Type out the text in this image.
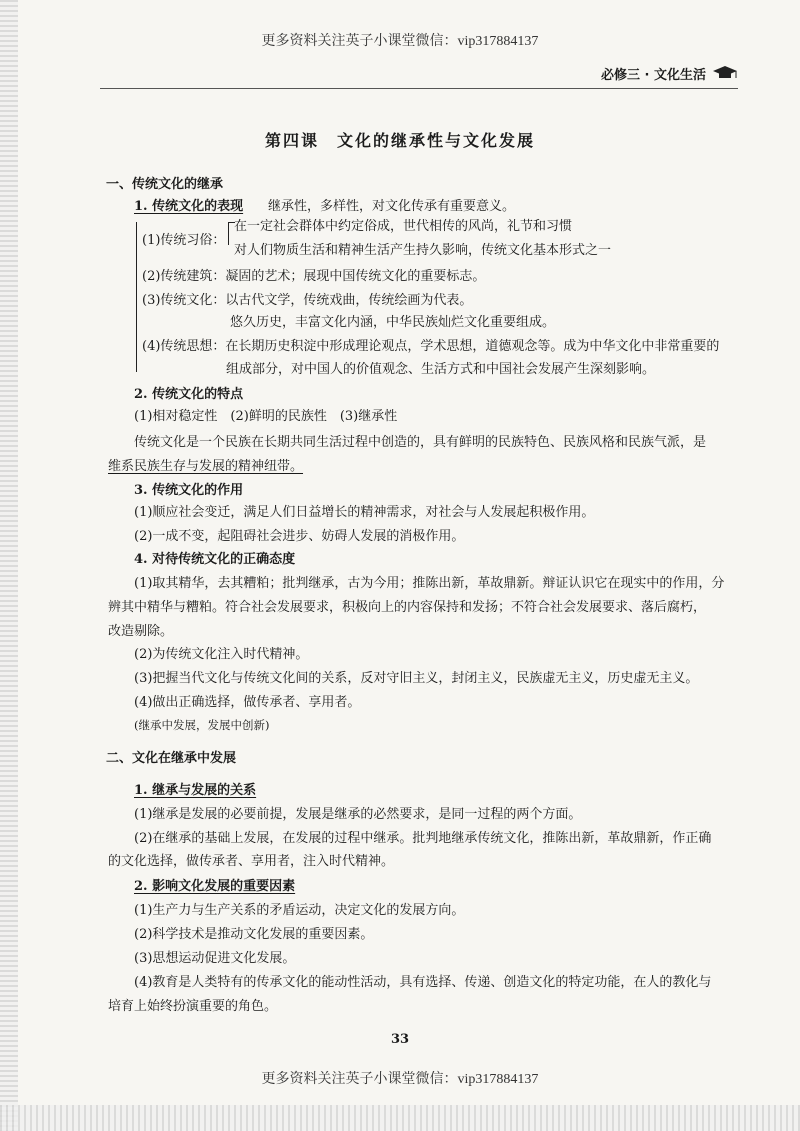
更多资料关注英子小课堂微信：vip317884137
必修三 · 文化生活
第四课　文化的继承性与文化发展
一、传统文化的继承
1. 传统文化的表现 继承性，多样性，对文化传承有重要意义。
(1)传统习俗：
在一定社会群体中约定俗成，世代相传的风尚，礼节和习惯
对人们物质生活和精神生活产生持久影响，传统文化基本形式之一
(2)传统建筑：凝固的艺术；展现中国传统文化的重要标志。
(3)传统文化：以古代文学，传统戏曲，传统绘画为代表。
悠久历史，丰富文化内涵，中华民族灿烂文化重要组成。
(4)传统思想：在长期历史积淀中形成理论观点，学术思想，道德观念等。成为中华文化中非常重要的
组成部分，对中国人的价值观念、生活方式和中国社会发展产生深刻影响。
2. 传统文化的特点
(1)相对稳定性　(2)鲜明的民族性　(3)继承性
传统文化是一个民族在长期共同生活过程中创造的，具有鲜明的民族特色、民族风格和民族气派，是
维系民族生存与发展的精神纽带。
3. 传统文化的作用
(1)顺应社会变迁，满足人们日益增长的精神需求，对社会与人发展起积极作用。
(2)一成不变，起阻碍社会进步、妨碍人发展的消极作用。
4. 对待传统文化的正确态度
(1)取其精华，去其糟粕；批判继承，古为今用；推陈出新，革故鼎新。辩证认识它在现实中的作用，分
辨其中精华与糟粕。符合社会发展要求，积极向上的内容保持和发扬；不符合社会发展要求、落后腐朽，
改造剔除。
(2)为传统文化注入时代精神。
(3)把握当代文化与传统文化间的关系，反对守旧主义，封闭主义，民族虚无主义，历史虚无主义。
(4)做出正确选择，做传承者、享用者。
(继承中发展，发展中创新)
二、文化在继承中发展
1. 继承与发展的关系
(1)继承是发展的必要前提，发展是继承的必然要求，是同一过程的两个方面。
(2)在继承的基础上发展，在发展的过程中继承。批判地继承传统文化，推陈出新，革故鼎新，作正确
的文化选择，做传承者、享用者，注入时代精神。
2. 影响文化发展的重要因素
(1)生产力与生产关系的矛盾运动，决定文化的发展方向。
(2)科学技术是推动文化发展的重要因素。
(3)思想运动促进文化发展。
(4)教育是人类特有的传承文化的能动性活动，具有选择、传递、创造文化的特定功能，在人的教化与
培育上始终扮演重要的角色。
33
更多资料关注英子小课堂微信：vip317884137
